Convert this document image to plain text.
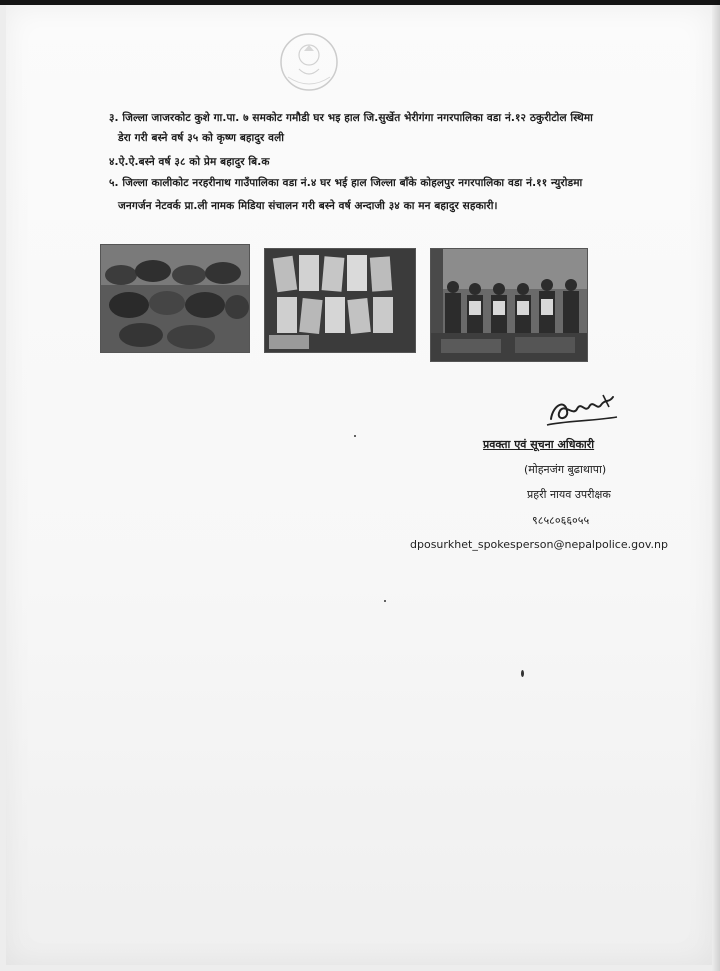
३. जिल्ला जाजरकोट कुशे गा.पा. ७ समकोट गमौडी घर भइ हाल जि.सुर्खेत भेरीगंगा नगरपालिका वडा नं.१२ ठकुरीटोल स्थिमा
डेरा गरी बस्ने वर्ष ३५ को कृष्ण बहादुर वली
४.ऐ.ऐ.बस्ने वर्ष ३८ को प्रेम बहादुर बि.क
५. जिल्ला कालीकोट नरहरीनाथ गाउँपालिका वडा नं.४ घर भई हाल जिल्ला बाँके कोहलपुर नगरपालिका वडा नं.११ न्युरोडमा
जनगर्जन नेटवर्क प्रा.ली नामक मिडिया संचालन गरी बस्ने वर्ष अन्दाजी ३४ का मन बहादुर सहकारी।
प्रवक्ता एवं सूचना अधिकारी
(मोहनजंग बुढाथापा)
प्रहरी नायव उपरीक्षक
९८५८०६६०५५
dposurkhet_spokesperson@nepalpolice.gov.np
